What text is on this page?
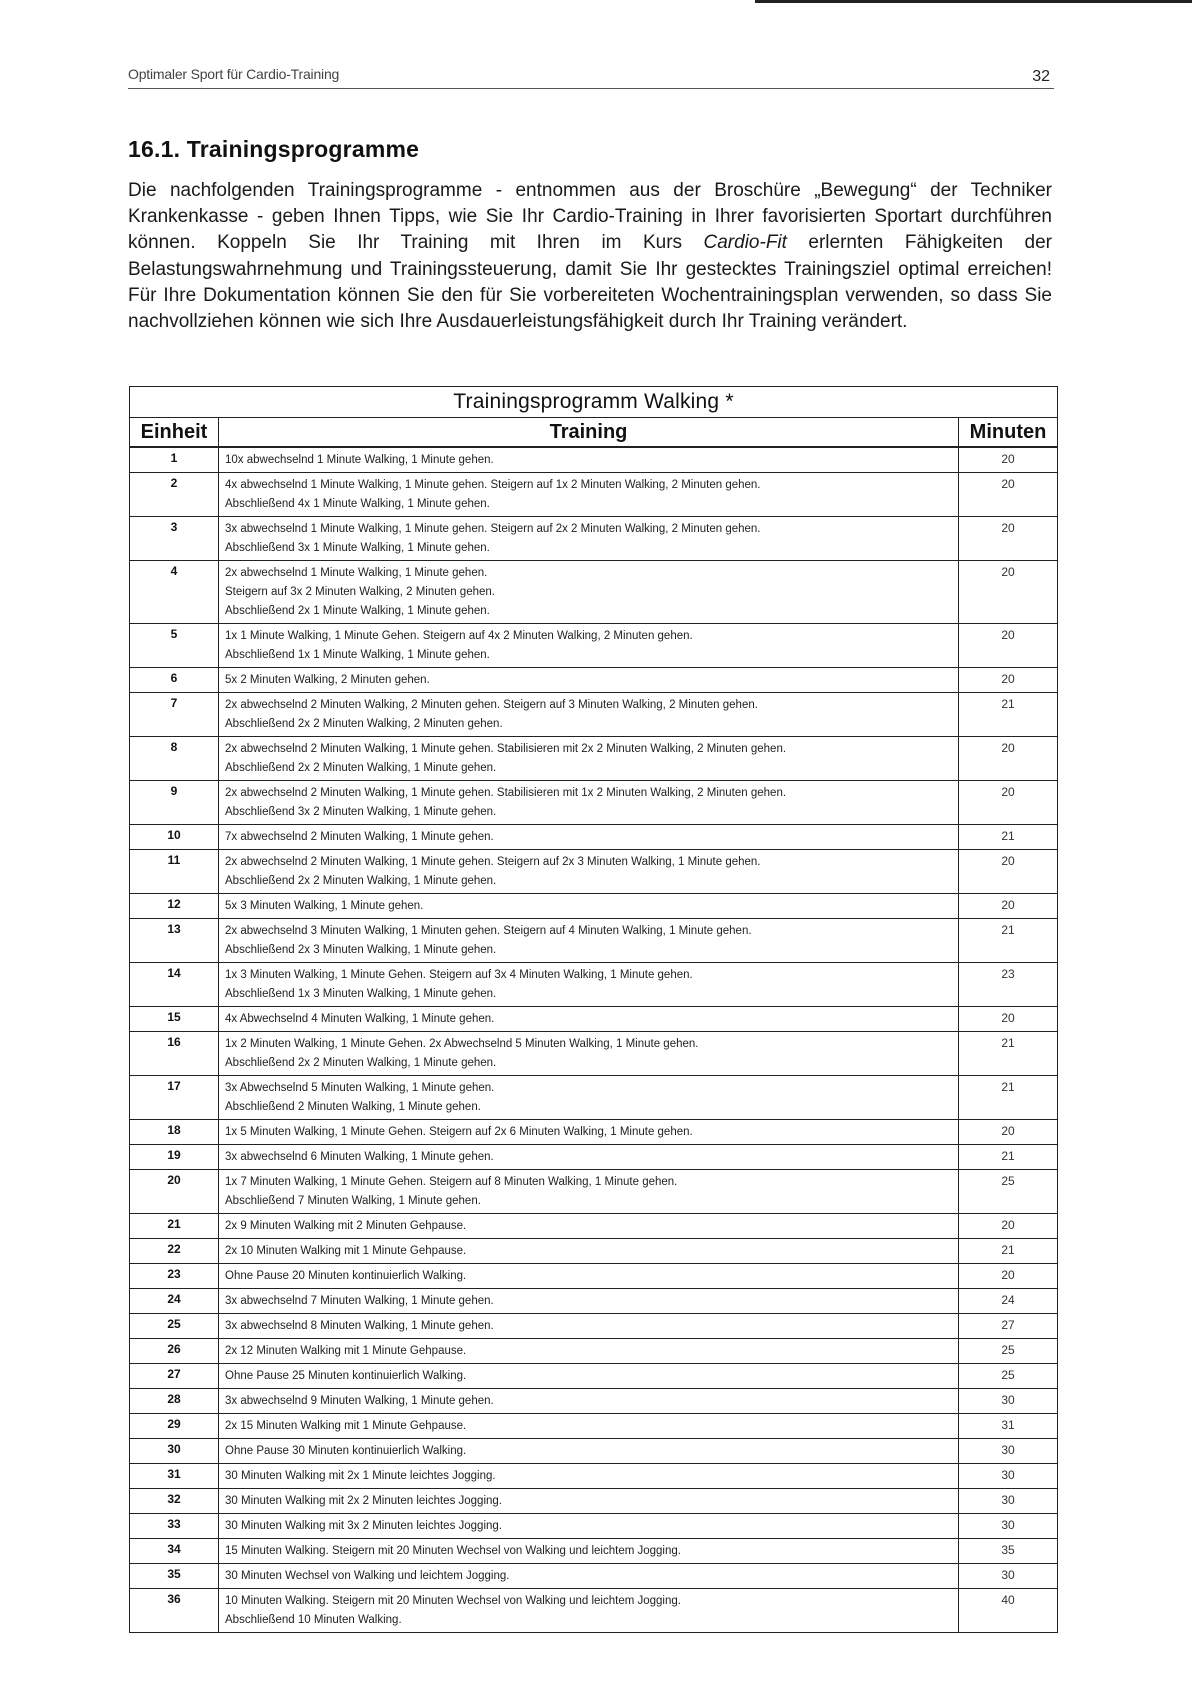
Optimaler Sport für Cardio-Training	32
16.1. Trainingsprogramme

Die nachfolgenden Trainingsprogramme - entnommen aus der Broschüre „Bewegung“ der Techniker Krankenkasse - geben Ihnen Tipps, wie Sie Ihr Cardio-Training in Ihrer favorisierten Sportart durchführen können. Koppeln Sie Ihr Training mit Ihren im Kurs Cardio-Fit erlernten Fähigkeiten der Belastungswahrnehmung und Trainingssteuerung, damit Sie Ihr gestecktes Trainingsziel optimal erreichen! Für Ihre Dokumentation können Sie den für Sie vorbereiteten Wochentrainingsplan verwenden, so dass Sie nachvollziehen können wie sich Ihre Ausdauerleistungsfähigkeit durch Ihr Training verändert.

Trainingsprogramm Walking *		
Einheit	Training	Minuten
1	10x abwechselnd 1 Minute Walking, 1 Minute gehen.	20
2	4x abwechselnd 1 Minute Walking, 1 Minute gehen. Steigern auf 1x 2 Minuten Walking, 2 Minuten gehen.
Abschließend 4x 1 Minute Walking, 1 Minute gehen.	20
3	3x abwechselnd 1 Minute Walking, 1 Minute gehen. Steigern auf 2x 2 Minuten Walking, 2 Minuten gehen.
Abschließend 3x 1 Minute Walking, 1 Minute gehen.	20
4	2x abwechselnd 1 Minute Walking, 1 Minute gehen.
Steigern auf 3x 2 Minuten Walking, 2 Minuten gehen.
Abschließend 2x 1 Minute Walking, 1 Minute gehen.	20
5	1x 1 Minute Walking, 1 Minute Gehen. Steigern auf 4x 2 Minuten Walking, 2 Minuten gehen.
Abschließend 1x 1 Minute Walking, 1 Minute gehen.	20
6	5x 2 Minuten Walking, 2 Minuten gehen.	20
7	2x abwechselnd 2 Minuten Walking, 2 Minuten gehen. Steigern auf 3 Minuten Walking, 2 Minuten gehen.
Abschließend 2x 2 Minuten Walking, 2 Minuten gehen.	21
8	2x abwechselnd 2 Minuten Walking, 1 Minute gehen. Stabilisieren mit 2x 2 Minuten Walking, 2 Minuten gehen.
Abschließend 2x 2 Minuten Walking, 1 Minute gehen.	20
9	2x abwechselnd 2 Minuten Walking, 1 Minute gehen. Stabilisieren mit 1x 2 Minuten Walking, 2 Minuten gehen.
Abschließend 3x 2 Minuten Walking, 1 Minute gehen.	20
10	7x abwechselnd 2 Minuten Walking, 1 Minute gehen.	21
11	2x abwechselnd 2 Minuten Walking, 1 Minute gehen. Steigern auf 2x 3 Minuten Walking, 1 Minute gehen.
Abschließend 2x 2 Minuten Walking, 1 Minute gehen.	20
12	5x 3 Minuten Walking, 1 Minute gehen.	20
13	2x abwechselnd 3 Minuten Walking, 1 Minuten gehen. Steigern auf 4 Minuten Walking, 1 Minute gehen.
Abschließend 2x 3 Minuten Walking, 1 Minute gehen.	21
14	1x 3 Minuten Walking, 1 Minute Gehen. Steigern auf 3x 4 Minuten Walking, 1 Minute gehen.
Abschließend 1x 3 Minuten Walking, 1 Minute gehen.	23
15	4x Abwechselnd 4 Minuten Walking, 1 Minute gehen.	20
16	1x 2 Minuten Walking, 1 Minute Gehen. 2x Abwechselnd 5 Minuten Walking, 1 Minute gehen.
Abschließend 2x 2 Minuten Walking, 1 Minute gehen.	21
17	3x Abwechselnd 5 Minuten Walking, 1 Minute gehen.
Abschließend 2 Minuten Walking, 1 Minute gehen.	21
18	1x 5 Minuten Walking, 1 Minute Gehen. Steigern auf 2x 6 Minuten Walking, 1 Minute gehen.	20
19	3x abwechselnd 6 Minuten Walking, 1 Minute gehen.	21
20	1x 7 Minuten Walking, 1 Minute Gehen. Steigern auf 8 Minuten Walking, 1 Minute gehen.
Abschließend 7 Minuten Walking, 1 Minute gehen.	25
21	2x 9 Minuten Walking mit 2 Minuten Gehpause.	20
22	2x 10 Minuten Walking mit 1 Minute Gehpause.	21
23	Ohne Pause 20 Minuten kontinuierlich Walking.	20
24	3x abwechselnd 7 Minuten Walking, 1 Minute gehen.	24
25	3x abwechselnd 8 Minuten Walking, 1 Minute gehen.	27
26	2x 12 Minuten Walking mit 1 Minute Gehpause.	25
27	Ohne Pause 25 Minuten kontinuierlich Walking.	25
28	3x abwechselnd 9 Minuten Walking, 1 Minute gehen.	30
29	2x 15 Minuten Walking mit 1 Minute Gehpause.	31
30	Ohne Pause 30 Minuten kontinuierlich Walking.	30
31	30 Minuten Walking mit 2x 1 Minute leichtes Jogging.	30
32	30 Minuten Walking mit 2x 2 Minuten leichtes Jogging.	30
33	30 Minuten Walking mit 3x 2 Minuten leichtes Jogging.	30
34	15 Minuten Walking. Steigern mit 20 Minuten Wechsel von Walking und leichtem Jogging.	35
35	30 Minuten Wechsel von Walking und leichtem Jogging.	30
36	10 Minuten Walking. Steigern mit 20 Minuten Wechsel von Walking und leichtem Jogging.
Abschließend 10 Minuten Walking.	40
